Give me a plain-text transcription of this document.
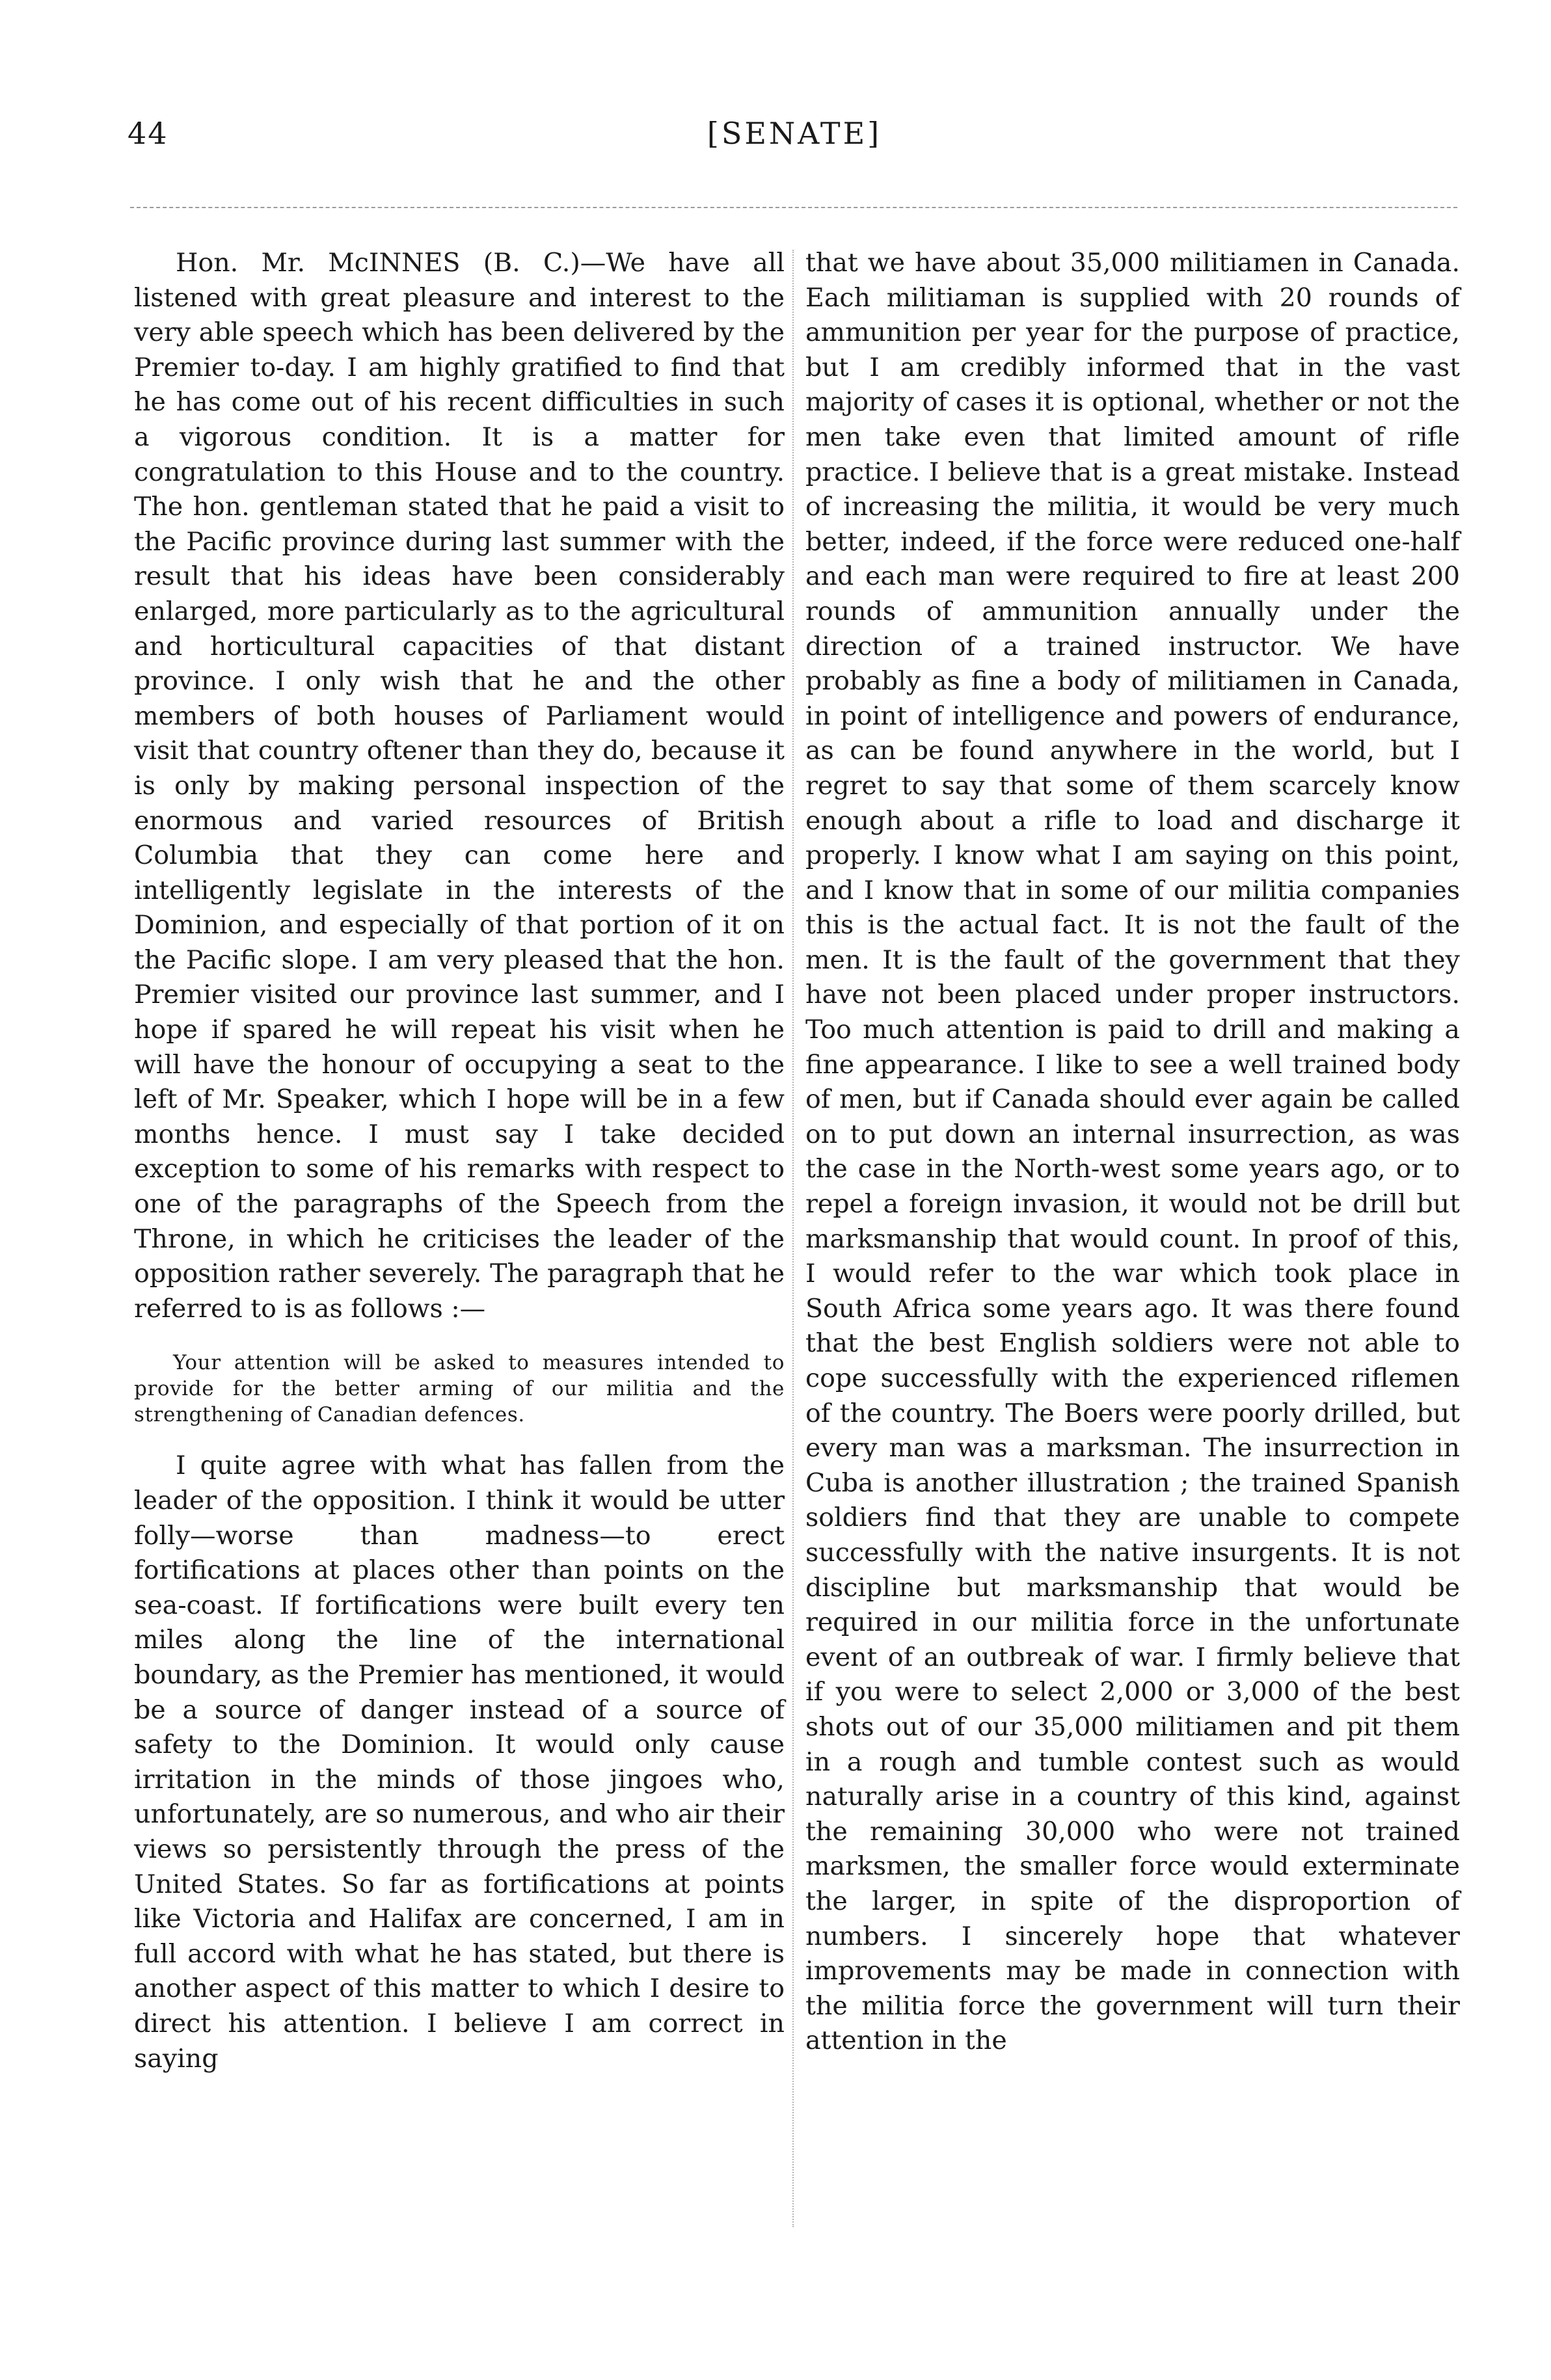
44	[SENATE]

Hon. Mr. McINNES (B. C.)—We have all listened with great pleasure and interest to the very able speech which has been delivered by the Premier to-day. I am highly gratified to find that he has come out of his recent difficulties in such a vigorous condition. It is a matter for congratulation to this House and to the country. The hon. gentleman stated that he paid a visit to the Pacific province during last summer with the result that his ideas have been considerably enlarged, more particularly as to the agricultural and horticultural capacities of that distant province. I only wish that he and the other members of both houses of Parliament would visit that country oftener than they do, because it is only by making personal inspection of the enormous and varied resources of British Columbia that they can come here and intelligently legislate in the interests of the Dominion, and especially of that portion of it on the Pacific slope. I am very pleased that the hon. Premier visited our province last summer, and I hope if spared he will repeat his visit when he will have the honour of occupying a seat to the left of Mr. Speaker, which I hope will be in a few months hence. I must say I take decided exception to some of his remarks with respect to one of the paragraphs of the Speech from the Throne, in which he criticises the leader of the opposition rather severely. The paragraph that he referred to is as follows :—

Your attention will be asked to measures intended to provide for the better arming of our militia and the strengthening of Canadian defences.

I quite agree with what has fallen from the leader of the opposition. I think it would be utter folly—worse than madness—to erect fortifications at places other than points on the sea-coast. If fortifications were built every ten miles along the line of the international boundary, as the Premier has mentioned, it would be a source of danger instead of a source of safety to the Dominion. It would only cause irritation in the minds of those jingoes who, unfortunately, are so numerous, and who air their views so persistently through the press of the United States. So far as fortifications at points like Victoria and Halifax are concerned, I am in full accord with what he has stated, but there is another aspect of this matter to which I desire to direct his attention. I believe I am correct in saying

that we have about 35,000 militiamen in Canada. Each militiaman is supplied with 20 rounds of ammunition per year for the purpose of practice, but I am credibly informed that in the vast majority of cases it is optional, whether or not the men take even that limited amount of rifle practice. I believe that is a great mistake. Instead of increasing the militia, it would be very much better, indeed, if the force were reduced one-half and each man were required to fire at least 200 rounds of ammunition annually under the direction of a trained instructor. We have probably as fine a body of militiamen in Canada, in point of intelligence and powers of endurance, as can be found anywhere in the world, but I regret to say that some of them scarcely know enough about a rifle to load and discharge it properly. I know what I am saying on this point, and I know that in some of our militia companies this is the actual fact. It is not the fault of the men. It is the fault of the government that they have not been placed under proper instructors. Too much attention is paid to drill and making a fine appearance. I like to see a well trained body of men, but if Canada should ever again be called on to put down an internal insurrection, as was the case in the North-west some years ago, or to repel a foreign invasion, it would not be drill but marksmanship that would count. In proof of this, I would refer to the war which took place in South Africa some years ago. It was there found that the best English soldiers were not able to cope successfully with the experienced riflemen of the country. The Boers were poorly drilled, but every man was a marksman. The insurrection in Cuba is another illustration ; the trained Spanish soldiers find that they are unable to compete successfully with the native insurgents. It is not discipline but marksmanship that would be required in our militia force in the unfortunate event of an outbreak of war. I firmly believe that if you were to select 2,000 or 3,000 of the best shots out of our 35,000 militiamen and pit them in a rough and tumble contest such as would naturally arise in a country of this kind, against the remaining 30,000 who were not trained marksmen, the smaller force would exterminate the larger, in spite of the disproportion of numbers. I sincerely hope that whatever improvements may be made in connection with the militia force the government will turn their attention in the
